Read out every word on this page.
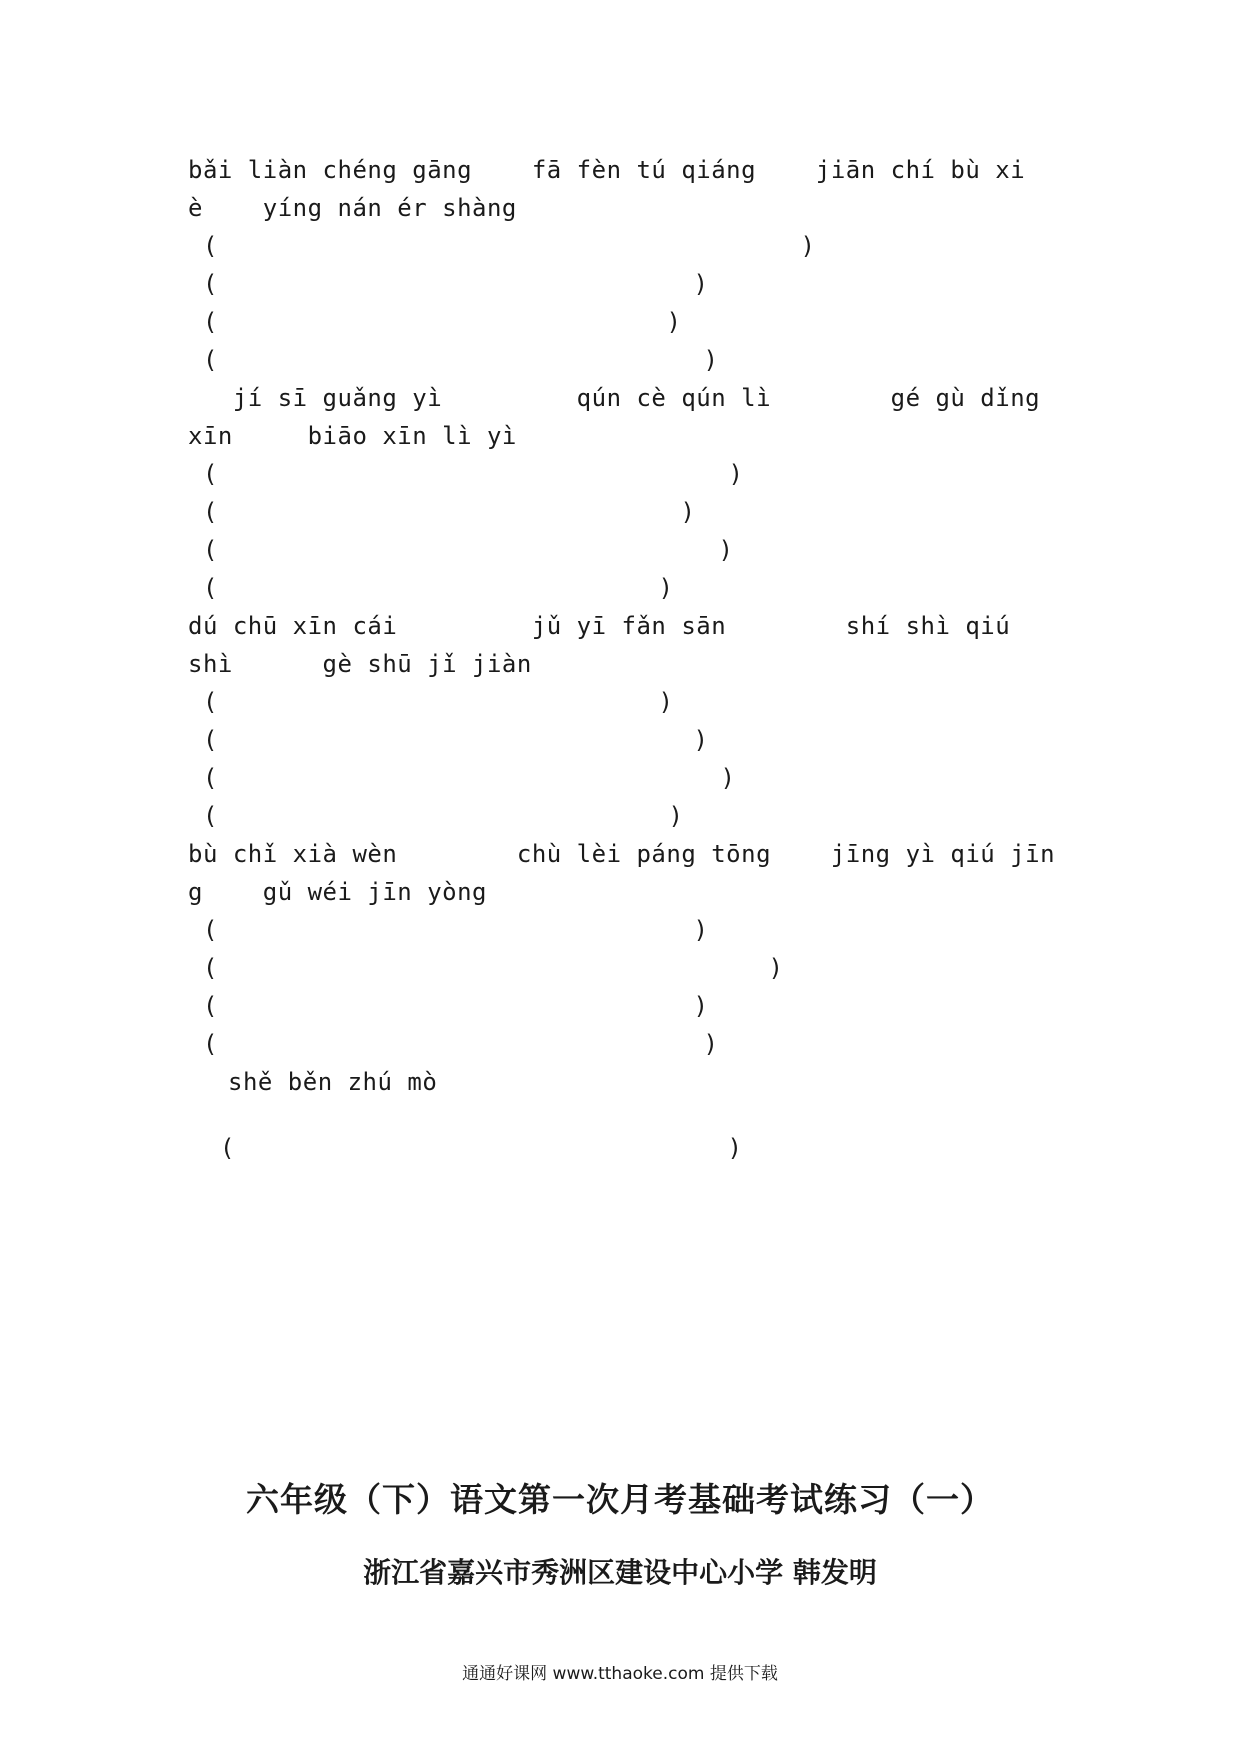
bǎi liàn chéng gāng    fā fèn tú qiáng    jiān chí bù xi
è    yíng nán ér shàng
(	)
(	)
(	)
(	)
jí sī guǎng yì         qún cè qún lì        gé gù dǐng
xīn     biāo xīn lì yì
(	)
(	)
(	)
(	)
dú chū xīn cái         jǔ yī fǎn sān        shí shì qiú
shì      gè shū jǐ jiàn
(	)
(	)
(	)
(	)
bù chǐ xià wèn        chù lèi páng tōng    jīng yì qiú jīn
g    gǔ wéi jīn yòng
(	)
(	)
(	)
(	)
shě běn zhú mò
(	)
六年级（下）语文第一次月考基础考试练习（一）
浙江省嘉兴市秀洲区建设中心小学 韩发明
通通好课网 www.tthaoke.com 提供下载
